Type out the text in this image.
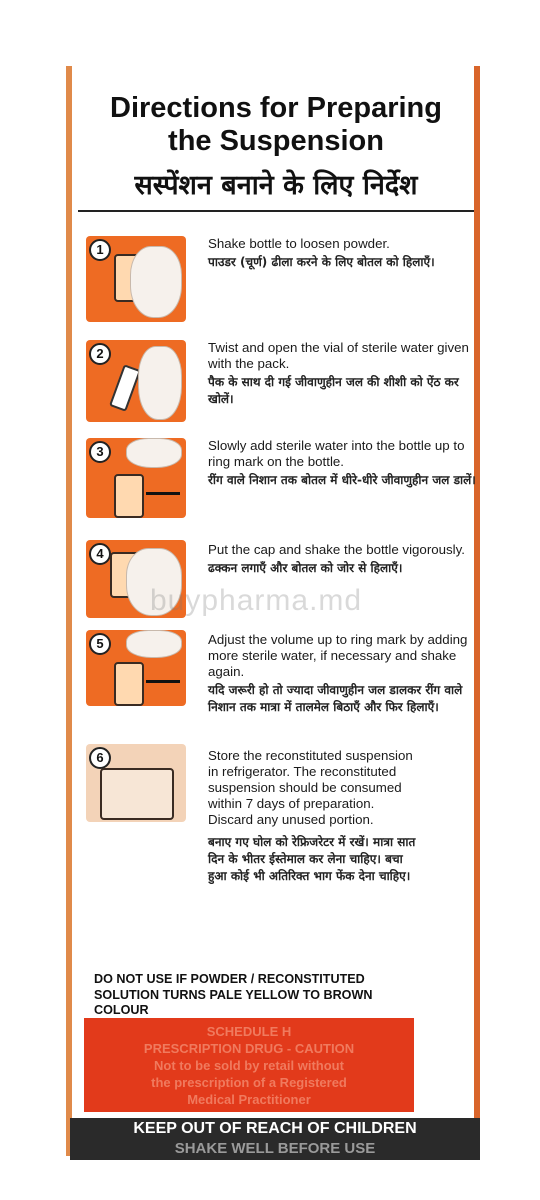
Directions for Preparing
the Suspension
सस्पेंशन बनाने के लिए निर्देश
1	Shake bottle to loosen powder.
पाउडर (चूर्ण) ढीला करने के लिए बोतल को हिलाएँ।
2	Twist and open the vial of sterile water given with the pack.
पैक के साथ दी गई जीवाणुहीन जल की शीशी को ऐंठ कर खोलें।
3	Slowly add sterile water into the bottle up to ring mark on the bottle.
रींग वाले निशान तक बोतल में धीरे-धीरे जीवाणुहीन जल डालें।
4	Put the cap and shake the bottle vigorously.
ढक्कन लगाएँ और बोतल को जोर से हिलाएँ।
5	Adjust the volume up to ring mark by adding more sterile water, if necessary and shake again.
यदि जरूरी हो तो ज्यादा जीवाणुहीन जल डालकर रींग वाले निशान तक मात्रा में तालमेल बिठाएँ और फिर हिलाएँ।
6	Store the reconstituted suspension in refrigerator. The reconstituted suspension should be consumed within 7 days of preparation. Discard any unused portion.
बनाए गए घोल को रेफ्रिजरेटर में रखें। मात्रा सात दिन के भीतर ईस्तेमाल कर लेना चाहिए। बचा हुआ कोई भी अतिरिक्त भाग फेंक देना चाहिए।
DO NOT USE IF POWDER / RECONSTITUTED SOLUTION TURNS PALE YELLOW TO BROWN COLOUR
SCHEDULE H
PRESCRIPTION DRUG - CAUTION
Not to be sold by retail without
the prescription of a Registered
Medical Practitioner
KEEP OUT OF REACH OF CHILDREN
SHAKE WELL BEFORE USE
buypharma.md
